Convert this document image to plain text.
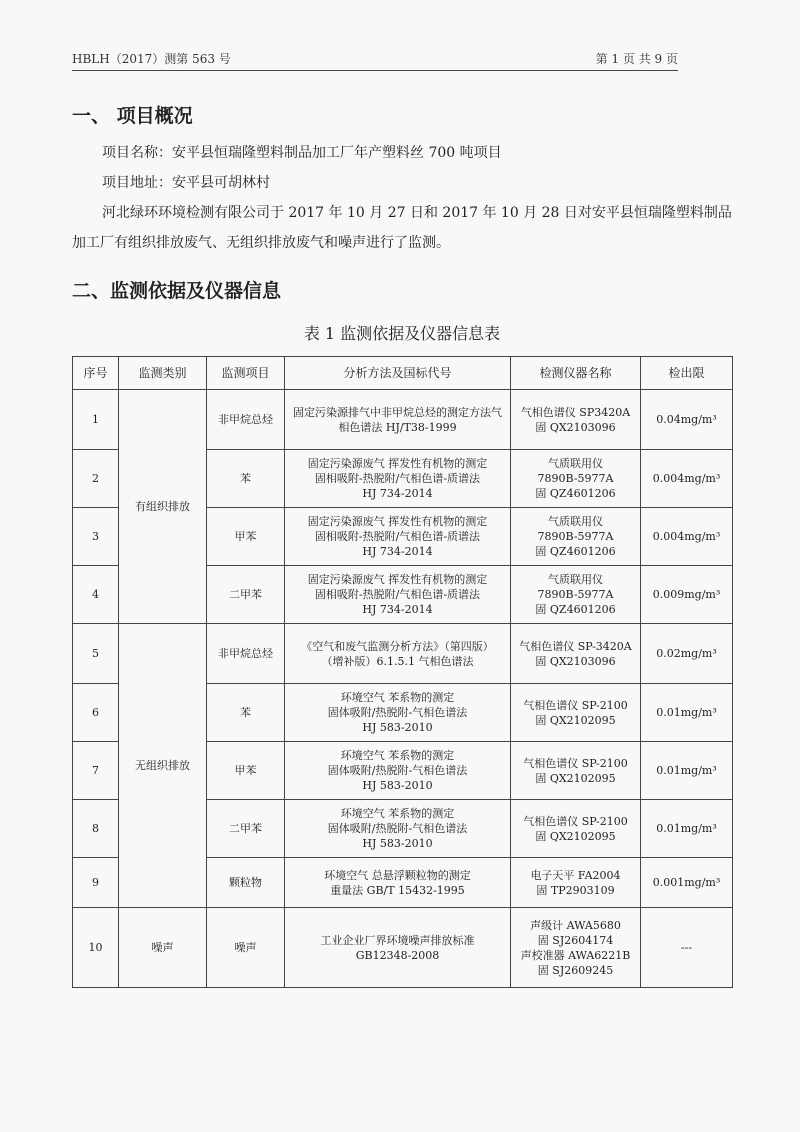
HBLH（2017）测第 563 号	第 1 页 共 9 页
一、 项目概况

项目名称：安平县恒瑞隆塑料制品加工厂年产塑料丝 700 吨项目

项目地址：安平县可胡林村

河北绿环环境检测有限公司于 2017 年 10 月 27 日和 2017 年 10 月 28 日对安平县恒瑞隆塑料制品加工厂有组织排放废气、无组织排放废气和噪声进行了监测。

二、监测依据及仪器信息
表 1 监测依据及仪器信息表
序号	监测类别	监测项目	分析方法及国标代号	检测仪器名称	检出限
1	有组织排放	非甲烷总烃	固定污染源排气中非甲烷总烃的测定方法气相色谱法 HJ/T38-1999	气相色谱仪 SP3420A
固 QX2103096	0.04mg/m³
2		苯	固定污染源废气 挥发性有机物的测定
固相吸附-热脱附/气相色谱-质谱法
HJ 734-2014	气质联用仪
7890B-5977A
固 QZ4601206	0.004mg/m³
3		甲苯	固定污染源废气 挥发性有机物的测定
固相吸附-热脱附/气相色谱-质谱法
HJ 734-2014	气质联用仪
7890B-5977A
固 QZ4601206	0.004mg/m³
4		二甲苯	固定污染源废气 挥发性有机物的测定
固相吸附-热脱附/气相色谱-质谱法
HJ 734-2014	气质联用仪
7890B-5977A
固 QZ4601206	0.009mg/m³
5	无组织排放	非甲烷总烃	《空气和废气监测分析方法》（第四版）
（增补版）6.1.5.1 气相色谱法	气相色谱仪 SP-3420A
固 QX2103096	0.02mg/m³
6		苯	环境空气 苯系物的测定
固体吸附/热脱附-气相色谱法
HJ 583-2010	气相色谱仪 SP-2100
固 QX2102095	0.01mg/m³
7		甲苯	环境空气 苯系物的测定
固体吸附/热脱附-气相色谱法
HJ 583-2010	气相色谱仪 SP-2100
固 QX2102095	0.01mg/m³
8		二甲苯	环境空气 苯系物的测定
固体吸附/热脱附-气相色谱法
HJ 583-2010	气相色谱仪 SP-2100
固 QX2102095	0.01mg/m³
9		颗粒物	环境空气 总悬浮颗粒物的测定
重量法 GB/T 15432-1995	电子天平 FA2004
固 TP2903109	0.001mg/m³
10	噪声	噪声	工业企业厂界环境噪声排放标准
GB12348-2008	声级计 AWA5680
固 SJ2604174
声校准器 AWA6221B
固 SJ2609245	---
